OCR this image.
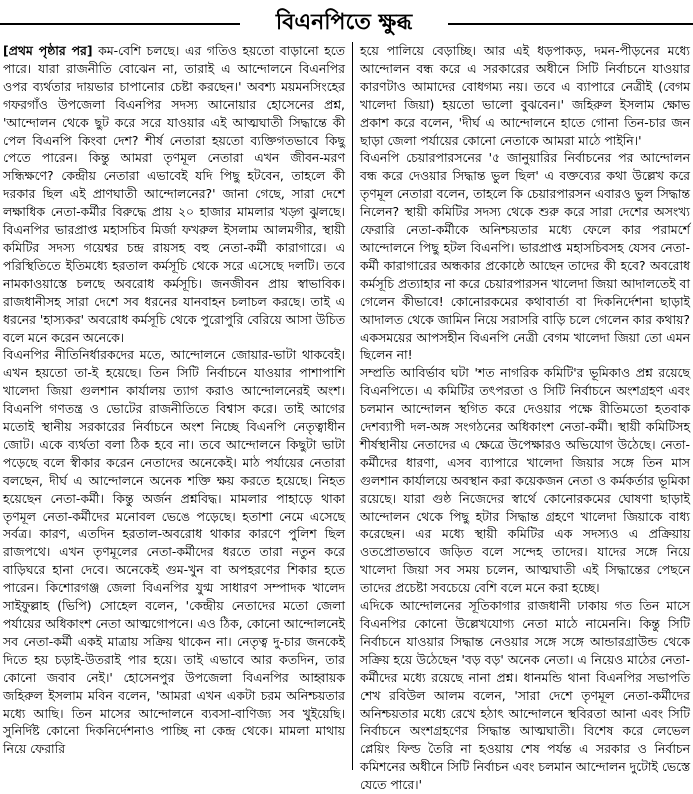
বিএনপিতে ক্ষুব্ধ

[প্রথম পৃষ্ঠার পর] কম-বেশি চলছে। এর গতিও হয়তো বাড়ানো হতে পারে। যারা রাজনীতি বোঝেন না, তারাই এ আন্দোলনে বিএনপির ওপর ব্যর্থতার দায়ভার চাপানোর চেষ্টা করছেন।' অবশ্য ময়মনসিংহের গফরগাঁও উপজেলা বিএনপির সদস্য আনোয়ার হোসেনের প্রশ্ন, 'আন্দোলন থেকে ছুট করে সরে যাওয়ার এই আত্মঘাতী সিদ্ধান্তে কী পেল বিএনপি কিংবা দেশ? শীর্ষ নেতারা হয়তো ব্যক্তিগতভাবে কিছু পেতে পারেন। কিন্তু আমরা তৃণমূল নেতারা এখন জীবন-মরণ সন্ধিক্ষণে? কেন্দ্রীয় নেতারা এভাবেই যদি পিছু হটবেন, তাহলে কী দরকার ছিল এই প্রাণঘাতী আন্দোলনের?' জানা গেছে, সারা দেশে লক্ষাধিক নেতা-কর্মীর বিরুদ্ধে প্রায় ২০ হাজার মামলার খড়্গ ঝুলছে। বিএনপির ভারপ্রাপ্ত মহাসচিব মির্জা ফখরুল ইসলাম আলমগীর, স্থায়ী কমিটির সদস্য গয়েশ্বর চন্দ্র রায়সহ বহু নেতা-কর্মী কারাগারে। এ পরিস্থিতিতে ইতিমধ্যে হরতাল কর্মসূচি থেকে সরে এসেছে দলটি। তবে নামকাওয়াস্তে চলছে অবরোধ কর্মসূচি। জনজীবন প্রায় স্বাভাবিক। রাজধানীসহ সারা দেশে সব ধরনের যানবাহন চলাচল করছে। তাই এ ধরনের 'হাস্যকর' অবরোধ কর্মসূচি থেকে পুরোপুরি বেরিয়ে আসা উচিত বলে মনে করেন অনেকে।

বিএনপির নীতিনির্ধারকদের মতে, আন্দোলনে জোয়ার-ভাটা থাকবেই। এখন হয়তো তা-ই হয়েছে। তিন সিটি নির্বাচনে যাওয়ার পাশাপাশি খালেদা জিয়া গুলশান কার্যালয় ত্যাগ করাও আন্দোলনেরই অংশ। বিএনপি গণতন্ত্র ও ভোটের রাজনীতিতে বিশ্বাস করে। তাই আগের মতোই স্থানীয় সরকারের নির্বাচনে অংশ নিচ্ছে বিএনপি নেতৃত্বাধীন জোট। একে ব্যর্থতা বলা ঠিক হবে না। তবে আন্দোলনে কিছুটা ভাটা পড়েছে বলে স্বীকার করেন নেতাদের অনেকেই। মাঠ পর্যায়ের নেতারা বলছেন, দীর্ঘ এ আন্দোলনে অনেক শক্তি ক্ষয় করতে হয়েছে। নিহত হয়েছেন নেতা-কর্মী। কিন্তু অর্জন প্রশ্নবিদ্ধ। মামলার পাহাড়ে থাকা তৃণমূল নেতা-কর্মীদের মনোবল ভেঙে পড়েছে। হতাশা নেমে এসেছে সর্বত্র। কারণ, এতদিন হরতাল-অবরোধ থাকার কারণে পুলিশ ছিল রাজপথে। এখন তৃণমূলের নেতা-কর্মীদের ধরতে তারা নতুন করে বাড়িঘরে হানা দেবে। অনেকেই গুম-খুন বা অপহরণের শিকার হতে পারেন। কিশোরগঞ্জ জেলা বিএনপির যুগ্ম সাধারণ সম্পাদক খালেদ সাইফুল্লাহ (ভিপি) সোহেল বলেন, 'কেন্দ্রীয় নেতাদের মতো জেলা পর্যায়ের অধিকাংশ নেতা আত্মগোপনে। এও ঠিক, কোনো আন্দোলনেই সব নেতা-কর্মী একই মাত্রায় সক্রিয় থাকেন না। নেতৃত্ব দু-চার জনকেই দিতে হয় চড়াই-উতরাই পার হয়ে। তাই এভাবে আর কতদিন, তার কোনো জবাব নেই।' হোসেনপুর উপজেলা বিএনপির আহ্বায়ক জহিরুল ইসলাম মবিন বলেন, 'আমরা এখন একটা চরম অনিশ্চয়তার মধ্যে আছি। তিন মাসের আন্দোলনে ব্যবসা-বাণিজ্য সব খুইয়েছি। সুনির্দিষ্ট কোনো দিকনির্দেশনাও পাচ্ছি না কেন্দ্র থেকে। মামলা মাথায় নিয়ে ফেরারি

হয়ে পালিয়ে বেড়াচ্ছি। আর এই ধড়পাকড়, দমন-পীড়নের মধ্যে আন্দোলন বন্ধ করে এ সরকারের অধীনে সিটি নির্বাচনে যাওয়ার কারণটাও আমাদের বোধগম্য নয়। তবে এ ব্যাপারে নেত্রীই (বেগম খালেদা জিয়া) হয়তো ভালো বুঝবেন।' জহিরুল ইসলাম ক্ষোভ প্রকাশ করে বলেন, 'দীর্ঘ এ আন্দোলনে হাতে গোনা তিন-চার জন ছাড়া জেলা পর্যায়ের কোনো নেতাকে আমরা মাঠে পাইনি।'

বিএনপি চেয়ারপারসনের '৫ জানুয়ারির নির্বাচনের পর আন্দোলন বন্ধ করে দেওয়ার সিদ্ধান্ত ভুল ছিল' এ বক্তব্যের কথা উল্লেখ করে তৃণমূল নেতারা বলেন, তাহলে কি চেয়ারপারসন এবারও ভুল সিদ্ধান্ত নিলেন? স্থায়ী কমিটির সদস্য থেকে শুরু করে সারা দেশের অসংখ্য ফেরারি নেতা-কর্মীকে অনিশ্চয়তার মধ্যে ফেলে কার পরামর্শে আন্দোলনে পিছু হটল বিএনপি। ভারপ্রাপ্ত মহাসচিবসহ যেসব নেতা-কর্মী কারাগারের অন্ধকার প্রকোষ্ঠে আছেন তাদের কী হবে? অবরোধ কর্মসূচি প্রত্যাহার না করে চেয়ারপারসন খালেদা জিয়া আদালতেই বা গেলেন কীভাবে! কোনোরকমের কথাবার্তা বা দিকনির্দেশনা ছাড়াই আদালত থেকে জামিন নিয়ে সরাসরি বাড়ি চলে গেলেন কার কথায়? একসময়ের আপসহীন বিএনপি নেত্রী বেগম খালেদা জিয়া তো এমন ছিলেন না!

সম্প্রতি আবির্ভাব ঘটা 'শত নাগরিক কমিটি'র ভূমিকাও প্রশ্ন রয়েছে বিএনপিতে। এ কমিটির তৎপরতা ও সিটি নির্বাচনে অংশগ্রহণ এবং চলমান আন্দোলন স্থগিত করে দেওয়ার পক্ষে রীতিমতো হতবাক দেশব্যাপী দল-অঙ্গ সংগঠনের অধিকাংশ নেতা-কর্মী। স্থায়ী কমিটিসহ শীর্ষস্থানীয় নেতাদের এ ক্ষেত্রে উপেক্ষারও অভিযোগ উঠেছে। নেতা-কর্মীদের ধারণা, এসব ব্যাপারে খালেদা জিয়ার সঙ্গে তিন মাস গুলশান কার্যালয়ে অবস্থান করা কয়েকজন নেতা ও কর্মকর্তার ভূমিকা রয়েছে। যারা গুষ্ঠ নিজেদের স্বার্থে কোনোরকমের ঘোষণা ছাড়াই আন্দোলন থেকে পিছু হটার সিদ্ধান্ত গ্রহণে খালেদা জিয়াকে বাধ্য করেছেন। এর মধ্যে স্থায়ী কমিটির এক সদস্যও এ প্রক্রিয়ায় ওতপ্রোতভাবে জড়িত বলে সন্দেহ তাদের। যাদের সঙ্গে নিয়ে খালেদা জিয়া সব সময় চলেন, আত্মঘাতী এই সিদ্ধান্তের পেছনে তাদের প্রচেষ্টা সবচেয়ে বেশি বলে মনে করা হচ্ছে।

এদিকে আন্দোলনের সূতিকাগার রাজধানী ঢাকায় গত তিন মাসে বিএনপির কোনো উল্লেখযোগ্য নেতা মাঠে নামেননি। কিন্তু সিটি নির্বাচনে যাওয়ার সিদ্ধান্ত নেওয়ার সঙ্গে সঙ্গে আন্ডারগ্রাউন্ড থেকে সক্রিয় হয়ে উঠেছেন 'বড় বড়' অনেক নেতা। এ নিয়েও মাঠের নেতা-কর্মীদের মধ্যে রয়েছে নানা প্রশ্ন। ধানমন্ডি থানা বিএনপির সভাপতি শেখ রবিউল আলম বলেন, 'সারা দেশে তৃণমূল নেতা-কর্মীদের অনিশ্চয়তার মধ্যে রেখে হঠাৎ আন্দোলনে স্থবিরতা আনা এবং সিটি নির্বাচনে অংশগ্রহণের সিদ্ধান্ত আত্মঘাতী। বিশেষ করে লেভেল প্লেয়িং ফিল্ড তৈরি না হওয়ায় শেষ পর্যন্ত এ সরকার ও নির্বাচন কমিশনের অধীনে সিটি নির্বাচন এবং চলমান আন্দোলন দুটোই ভেস্তে যেতে পারে।'
